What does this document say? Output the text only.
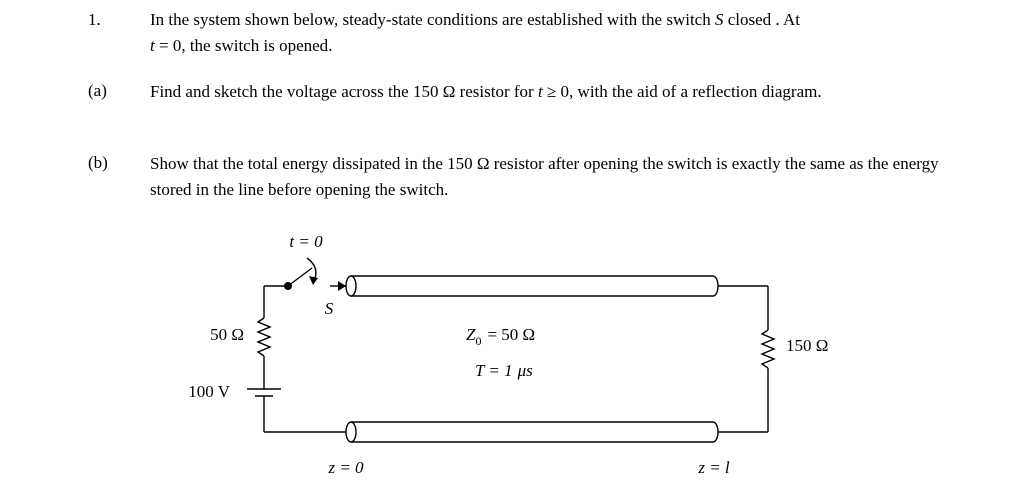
1.	In the system shown below, steady-state conditions are established with the switch S closed . At
t = 0, the switch is opened.
(a)	Find and sketch the voltage across the 150 Ω resistor for t ≥ 0, with the aid of a reflection diagram.
(b) Show that the total energy dissipated in the 150 Ω resistor after opening the switch is exactly the same as the energy stored in the line before opening the switch.
t = 0
S
50 Ω
100 V
150 Ω
$Z_0 = 50$ Ω
T = 1 μs
z = 0	z = l
